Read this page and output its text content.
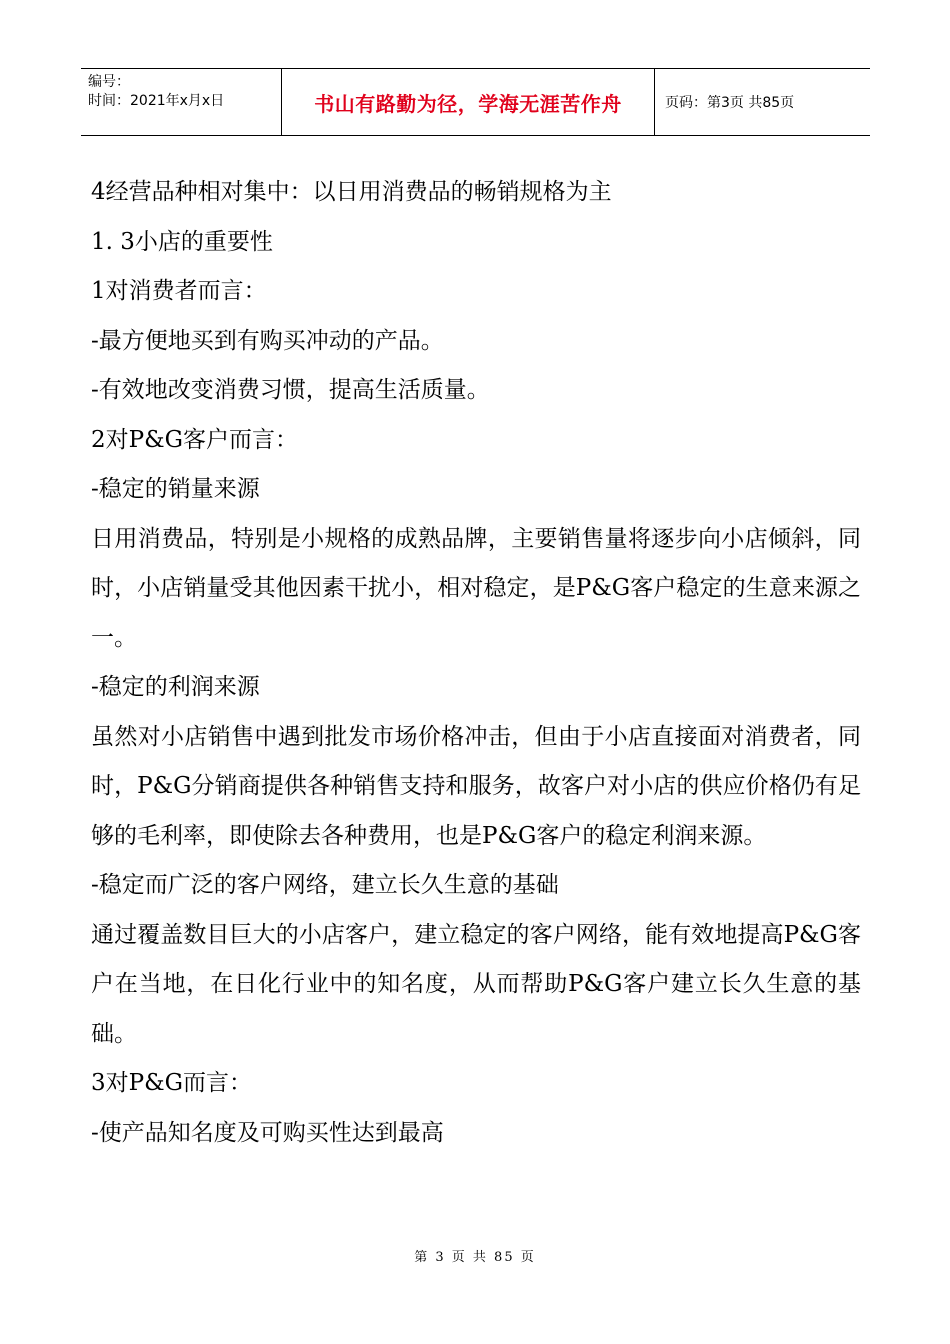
编号：
时间：2021年x月x日	书山有路勤为径，学海无涯苦作舟	页码：第3页 共85页

4经营品种相对集中：以日用消费品的畅销规格为主

1. 3小店的重要性

1对消费者而言：

-最方便地买到有购买冲动的产品。

-有效地改变消费习惯，提高生活质量。

2对P&G客户而言：

-稳定的销量来源

日用消费品，特别是小规格的成熟品牌，主要销售量将逐步向小店倾斜，同时，小店销量受其他因素干扰小，相对稳定，是P&G客户稳定的生意来源之一。

-稳定的利润来源

虽然对小店销售中遇到批发市场价格冲击，但由于小店直接面对消费者，同时，P&G分销商提供各种销售支持和服务，故客户对小店的供应价格仍有足够的毛利率，即使除去各种费用，也是P&G客户的稳定利润来源。

-稳定而广泛的客户网络，建立长久生意的基础

通过覆盖数目巨大的小店客户，建立稳定的客户网络，能有效地提高P&G客户在当地，在日化行业中的知名度，从而帮助P&G客户建立长久生意的基础。

3对P&G而言：

-使产品知名度及可购买性达到最高

第 3 页 共 85 页
